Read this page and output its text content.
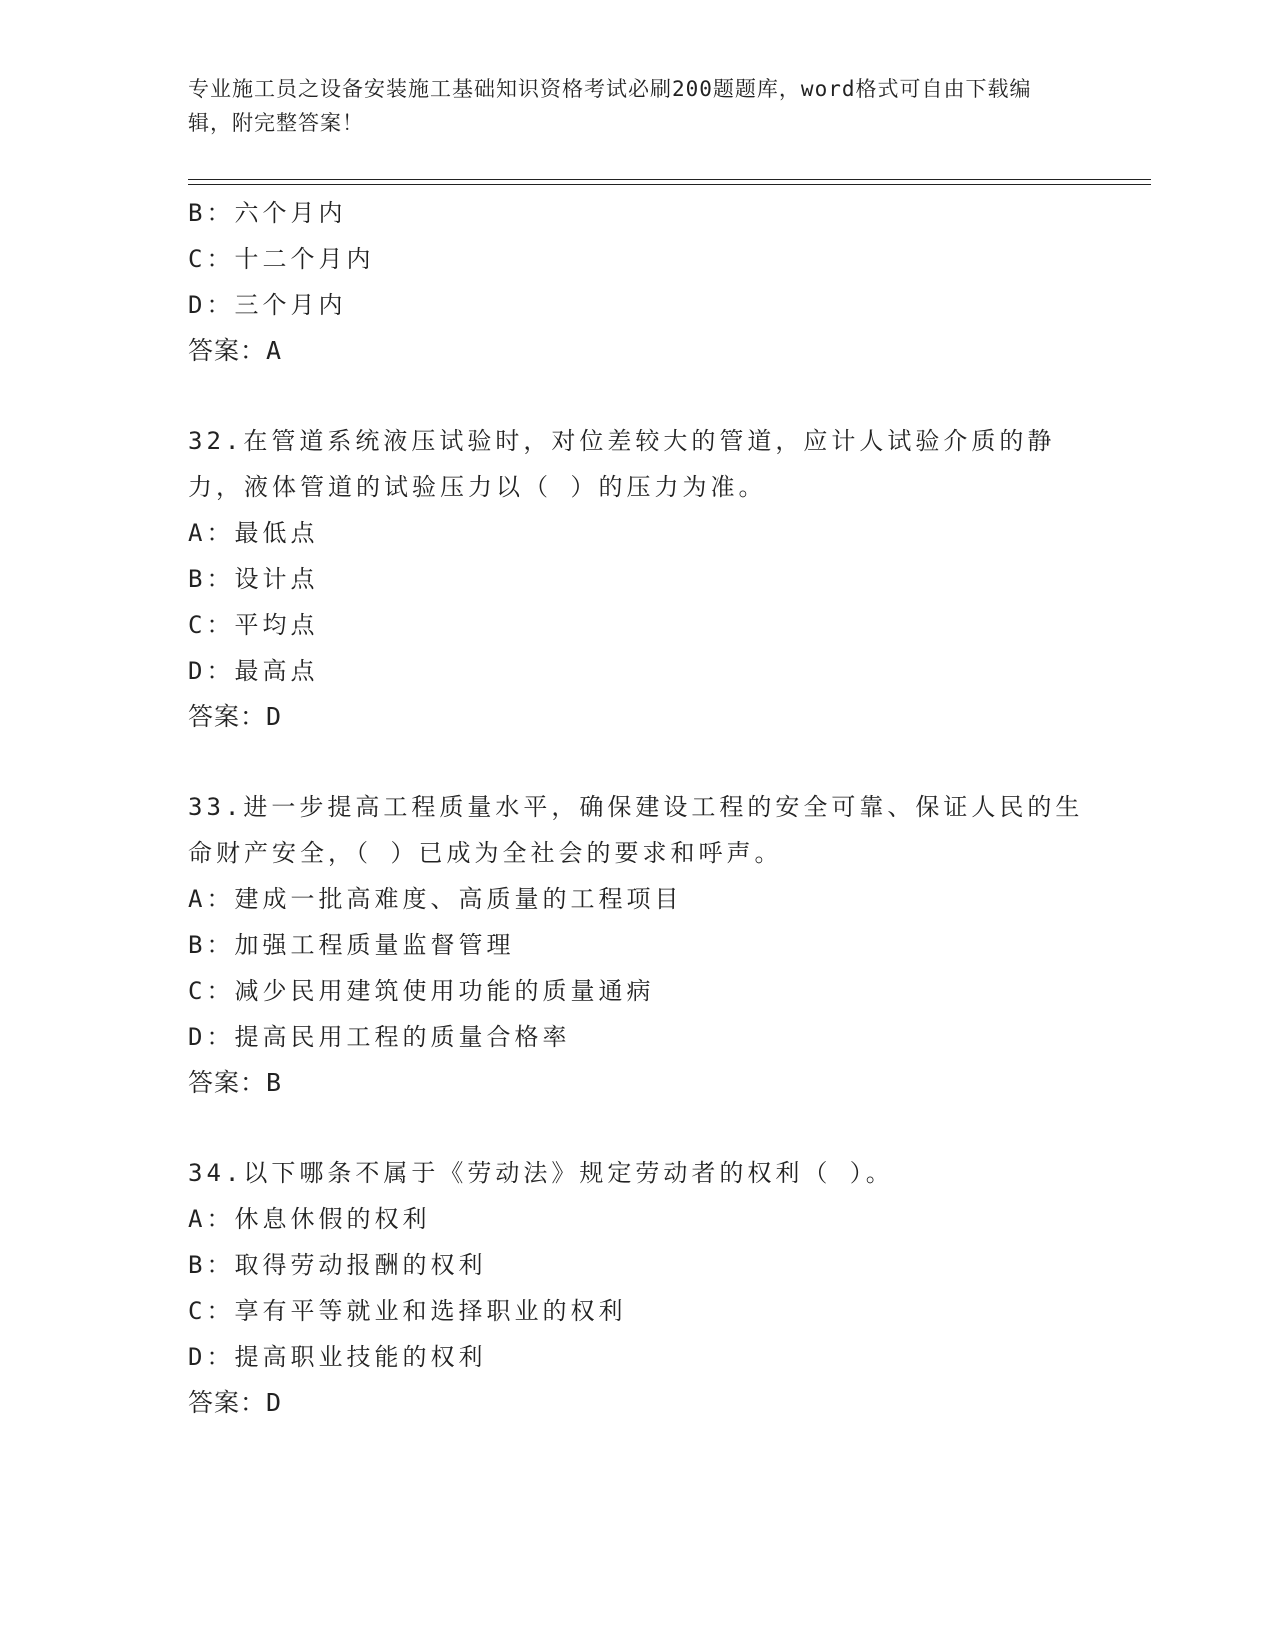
专业施工员之设备安装施工基础知识资格考试必刷200题题库，word格式可自由下载编辑，附完整答案！
B：六个月内
C：十二个月内
D：三个月内
答案：A
32.在管道系统液压试验时，对位差较大的管道，应计人试验介质的静力，液体管道的试验压力以（ ）的压力为准。
A：最低点
B：设计点
C：平均点
D：最高点
答案：D
33.进一步提高工程质量水平，确保建设工程的安全可靠、保证人民的生命财产安全，（ ）已成为全社会的要求和呼声。
A：建成一批高难度、高质量的工程项目
B：加强工程质量监督管理
C：减少民用建筑使用功能的质量通病
D：提高民用工程的质量合格率
答案：B
34.以下哪条不属于《劳动法》规定劳动者的权利（ ）。
A：休息休假的权利
B：取得劳动报酬的权利
C：享有平等就业和选择职业的权利
D：提高职业技能的权利
答案：D
